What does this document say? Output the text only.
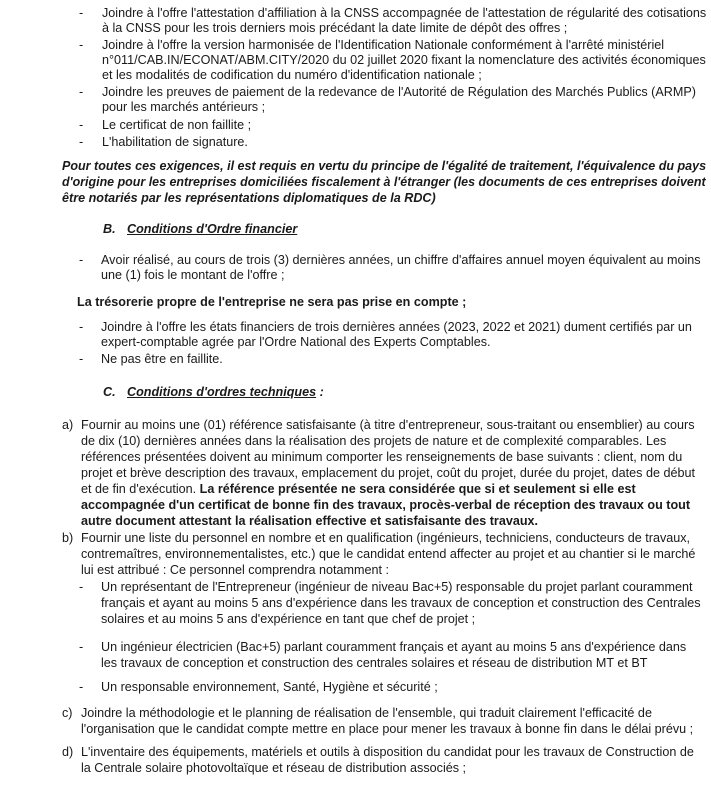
- Joindre à l'offre l'attestation d'affiliation à la CNSS accompagnée de l'attestation de régularité des cotisations
à la CNSS pour les trois derniers mois précédant la date limite de dépôt des offres ;
- Joindre à l'offre la version harmonisée de l'Identification Nationale conformément à l'arrêté ministériel
n°011/CAB.IN/ECONAT/ABM.CITY/2020 du 02 juillet 2020 fixant la nomenclature des activités économiques
et les modalités de codification du numéro d'identification nationale ;
- Joindre les preuves de paiement de la redevance de l'Autorité de Régulation des Marchés Publics (ARMP)
pour les marchés antérieurs ;
- Le certificat de non faillite ;
- L'habilitation de signature.
Pour toutes ces exigences, il est requis en vertu du principe de l'égalité de traitement, l'équivalence du pays
d'origine pour les entreprises domiciliées fiscalement à l'étranger (les documents de ces entreprises doivent
être notariés par les représentations diplomatiques de la RDC)
B. Conditions d'Ordre financier
- Avoir réalisé, au cours de trois (3) dernières années, un chiffre d'affaires annuel moyen équivalent au moins
une (1) fois le montant de l'offre ;
La trésorerie propre de l'entreprise ne sera pas prise en compte ;
- Joindre à l'offre les états financiers de trois dernières années (2023, 2022 et 2021) dument certifiés par un
expert-comptable agrée par l'Ordre National des Experts Comptables.
- Ne pas être en faillite.
C. Conditions d'ordres techniques :
a) Fournir au moins une (01) référence satisfaisante (à titre d'entrepreneur, sous-traitant ou ensemblier) au cours
de dix (10) dernières années dans la réalisation des projets de nature et de complexité comparables. Les
références présentées doivent au minimum comporter les renseignements de base suivants : client, nom du
projet et brève description des travaux, emplacement du projet, coût du projet, durée du projet, dates de début
et de fin d'exécution. La référence présentée ne sera considérée que si et seulement si elle est
accompagnée d'un certificat de bonne fin des travaux, procès-verbal de réception des travaux ou tout
autre document attestant la réalisation effective et satisfaisante des travaux.
b) Fournir une liste du personnel en nombre et en qualification (ingénieurs, techniciens, conducteurs de travaux,
contremaîtres, environnementalistes, etc.) que le candidat entend affecter au projet et au chantier si le marché
lui est attribué : Ce personnel comprendra notamment :
- Un représentant de l'Entrepreneur (ingénieur de niveau Bac+5) responsable du projet parlant couramment
français et ayant au moins 5 ans d'expérience dans les travaux de conception et construction des Centrales
solaires et au moins 5 ans d'expérience en tant que chef de projet ;
- Un ingénieur électricien (Bac+5) parlant couramment français et ayant au moins 5 ans d'expérience dans
les travaux de conception et construction des centrales solaires et réseau de distribution MT et BT
- Un responsable environnement, Santé, Hygiène et sécurité ;
c) Joindre la méthodologie et le planning de réalisation de l'ensemble, qui traduit clairement l'efficacité de
l'organisation que le candidat compte mettre en place pour mener les travaux à bonne fin dans le délai prévu ;
d) L'inventaire des équipements, matériels et outils à disposition du candidat pour les travaux de Construction de
la Centrale solaire photovoltaïque et réseau de distribution associés ;
